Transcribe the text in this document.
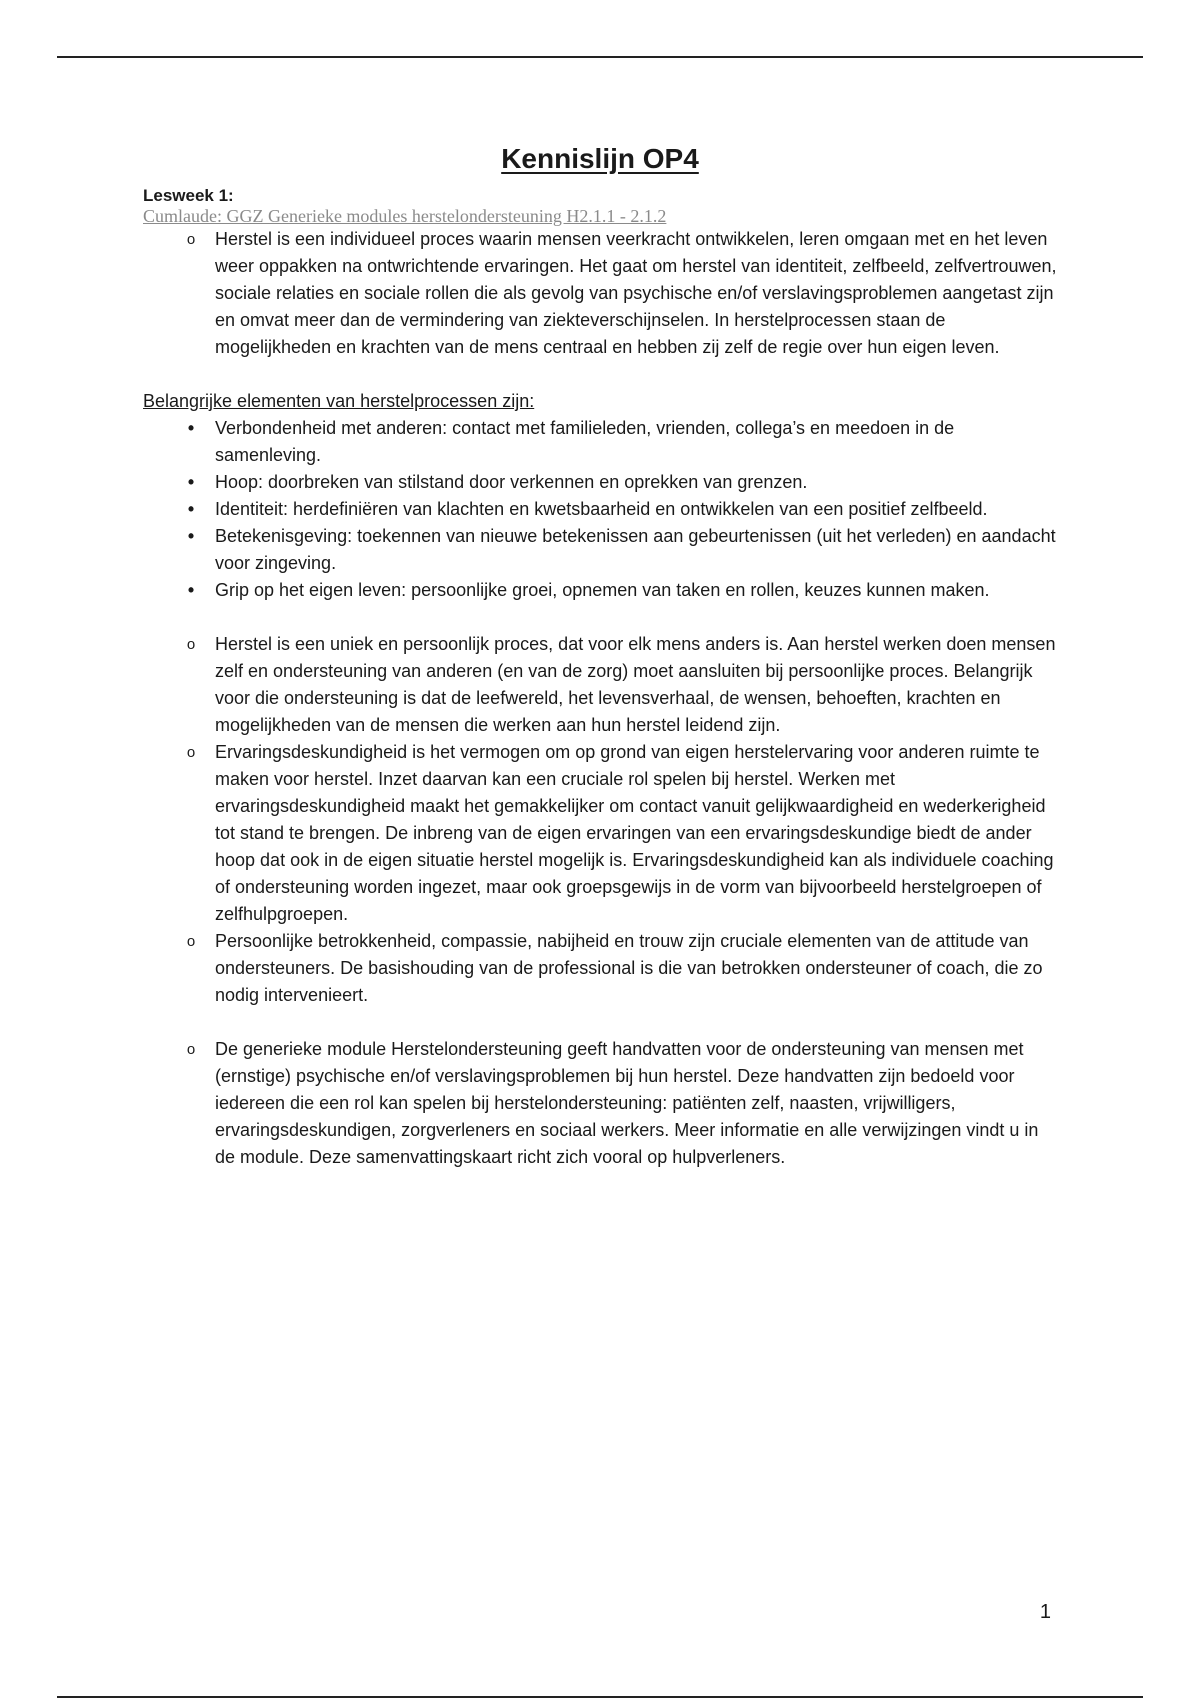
Kennislijn OP4
Lesweek 1:
Cumlaude: GGZ Generieke modules herstelondersteuning H2.1.1 - 2.1.2
o	Herstel is een individueel proces waarin mensen veerkracht ontwikkelen, leren omgaan met en het leven weer oppakken na ontwrichtende ervaringen. Het gaat om herstel van identiteit, zelfbeeld, zelfvertrouwen, sociale relaties en sociale rollen die als gevolg van psychische en/of verslavingsproblemen aangetast zijn en omvat meer dan de vermindering van ziekteverschijnselen. In herstelprocessen staan de mogelijkheden en krachten van de mens centraal en hebben zij zelf de regie over hun eigen leven.
Belangrijke elementen van herstelprocessen zijn:
•	Verbondenheid met anderen: contact met familieleden, vrienden, collega’s en meedoen in de samenleving.
•	Hoop: doorbreken van stilstand door verkennen en oprekken van grenzen.
•	Identiteit: herdefiniëren van klachten en kwetsbaarheid en ontwikkelen van een positief zelfbeeld.
•	Betekenisgeving: toekennen van nieuwe betekenissen aan gebeurtenissen (uit het verleden) en aandacht voor zingeving.
•	Grip op het eigen leven: persoonlijke groei, opnemen van taken en rollen, keuzes kunnen maken.
o	Herstel is een uniek en persoonlijk proces, dat voor elk mens anders is. Aan herstel werken doen mensen zelf en ondersteuning van anderen (en van de zorg) moet aansluiten bij persoonlijke proces. Belangrijk voor die ondersteuning is dat de leefwereld, het levensverhaal, de wensen, behoeften, krachten en mogelijkheden van de mensen die werken aan hun herstel leidend zijn.
o	Ervaringsdeskundigheid is het vermogen om op grond van eigen herstelervaring voor anderen ruimte te maken voor herstel. Inzet daarvan kan een cruciale rol spelen bij herstel. Werken met ervaringsdeskundigheid maakt het gemakkelijker om contact vanuit gelijkwaardigheid en wederkerigheid tot stand te brengen. De inbreng van de eigen ervaringen van een ervaringsdeskundige biedt de ander hoop dat ook in de eigen situatie herstel mogelijk is. Ervaringsdeskundigheid kan als individuele coaching of ondersteuning worden ingezet, maar ook groepsgewijs in de vorm van bijvoorbeeld herstelgroepen of zelfhulpgroepen.
o	Persoonlijke betrokkenheid, compassie, nabijheid en trouw zijn cruciale elementen van de attitude van ondersteuners. De basishouding van de professional is die van betrokken ondersteuner of coach, die zo nodig intervenieert.
o	De generieke module Herstelondersteuning geeft handvatten voor de ondersteuning van mensen met (ernstige) psychische en/of verslavingsproblemen bij hun herstel. Deze handvatten zijn bedoeld voor iedereen die een rol kan spelen bij herstelondersteuning: patiënten zelf, naasten, vrijwilligers, ervaringsdeskundigen, zorgverleners en sociaal werkers. Meer informatie en alle verwijzingen vindt u in de module. Deze samenvattingskaart richt zich vooral op hulpverleners.
1
